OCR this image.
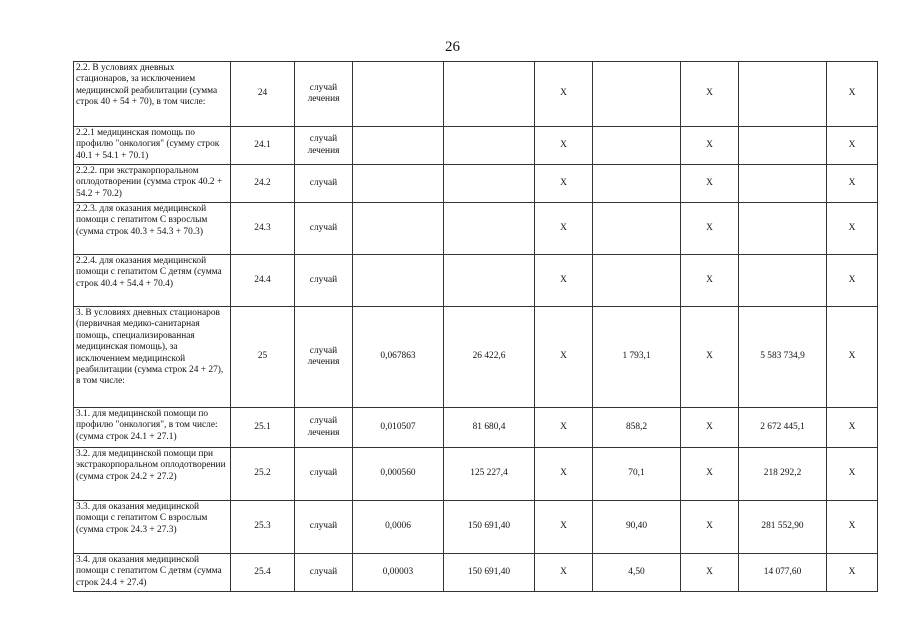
26
2.2. В условиях дневных стационаров, за исключением медицинской реабилитации (сумма строк 40 + 54 + 70), в том числе:	24	случай лечения			X		X		X
2.2.1 медицинская помощь по профилю "онкология" (сумму строк 40.1 + 54.1 + 70.1)	24.1	случай лечения			X		X		X
2.2.2. при экстракорпоральном оплодотворении (сумма строк 40.2 + 54.2 + 70.2)	24.2	случай			X		X		X
2.2.3. для оказания медицинской помощи с гепатитом С взрослым (сумма строк 40.3 + 54.3 + 70.3)	24.3	случай			X		X		X
2.2.4. для оказания медицинской помощи с гепатитом С детям (сумма строк 40.4 + 54.4 + 70.4)	24.4	случай			X		X		X
3. В условиях дневных стационаров (первичная медико-санитарная помощь, специализированная медицинская помощь), за исключением медицинской реабилитации (сумма строк 24 + 27), в том числе:	25	случай лечения	0,067863	26 422,6	X	1 793,1	X	5 583 734,9	X
3.1. для медицинской помощи по профилю "онкология", в том числе: (сумма строк 24.1 + 27.1)	25.1	случай лечения	0,010507	81 680,4	X	858,2	X	2 672 445,1	X
3.2. для медицинской помощи при экстракорпоральном оплодотворении (сумма строк 24.2 + 27.2)	25.2	случай	0,000560	125 227,4	X	70,1	X	218 292,2	X
3.3. для оказания медицинской помощи с гепатитом С взрослым (сумма строк 24.3 + 27.3)	25.3	случай	0,0006	150 691,40	X	90,40	X	281 552,90	X
3.4. для оказания медицинской помощи с гепатитом С детям (сумма строк 24.4 + 27.4)	25.4	случай	0,00003	150 691,40	X	4,50	X	14 077,60	X
